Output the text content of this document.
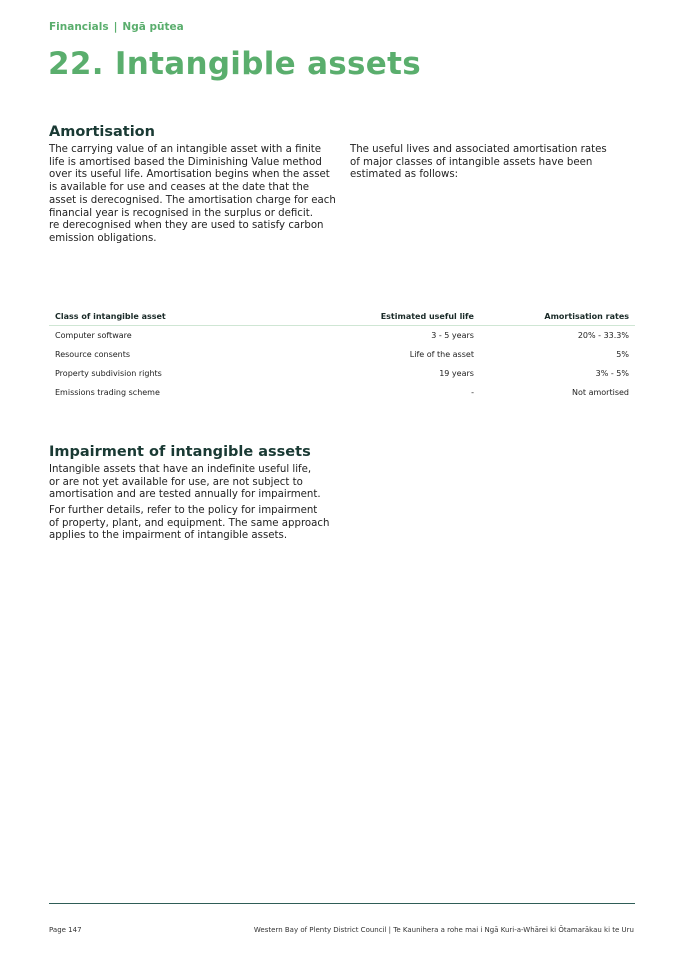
Financials | Ngā pūtea
22. Intangible assets
Amortisation
The carrying value of an intangible asset with a finite
life is amortised based the Diminishing Value method
over its useful life. Amortisation begins when the asset
is available for use and ceases at the date that the
asset is derecognised. The amortisation charge for each
financial year is recognised in the surplus or deficit.
re derecognised when they are used to satisfy carbon
emission obligations.
The useful lives and associated amortisation rates
of major classes of intangible assets have been
estimated as follows:
Class of intangible asset	Estimated useful life	Amortisation rates
Computer software	3 - 5 years	20% - 33.3%
Resource consents	Life of the asset	5%
Property subdivision rights	19 years	3% - 5%
Emissions trading scheme	-	Not amortised
Impairment of intangible assets
Intangible assets that have an indefinite useful life,
or are not yet available for use, are not subject to
amortisation and are tested annually for impairment.
For further details, refer to the policy for impairment
of property, plant, and equipment. The same approach
applies to the impairment of intangible assets.
Page 147	Western Bay of Plenty District Council | Te Kaunihera a rohe mai i Ngā Kuri-a-Whārei ki Ōtamarākau ki te Uru
